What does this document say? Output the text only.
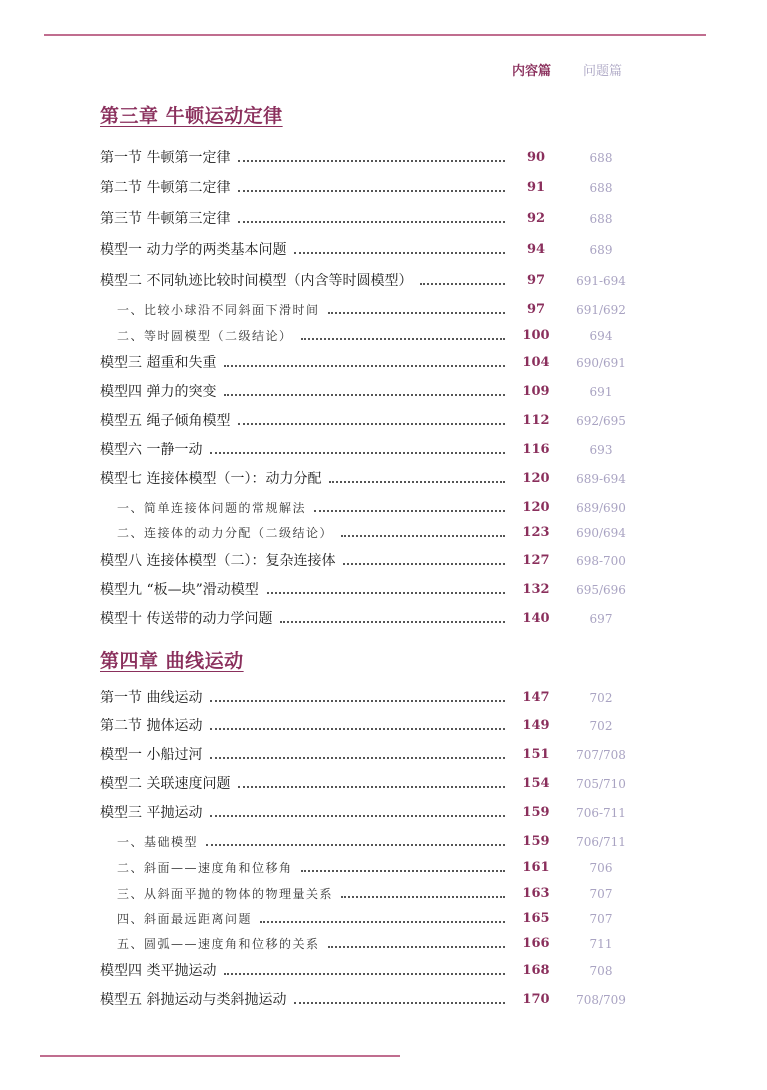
内容篇 问题篇
第三章 牛顿运动定律
第一节 牛顿第一定律	90	688
第二节 牛顿第二定律	91	688
第三节 牛顿第三定律	92	688
模型一 动力学的两类基本问题	94	689
模型二 不同轨迹比较时间模型（内含等时圆模型）	97	691-694
一、比较小球沿不同斜面下滑时间	97	691/692
二、等时圆模型（二级结论）	100	694
模型三 超重和失重	104	690/691
模型四 弹力的突变	109	691
模型五 绳子倾角模型	112	692/695
模型六 一静一动	116	693
模型七 连接体模型（一）：动力分配	120	689-694
一、简单连接体问题的常规解法	120	689/690
二、连接体的动力分配（二级结论）	123	690/694
模型八 连接体模型（二）：复杂连接体	127	698-700
模型九 “板—块”滑动模型	132	695/696
模型十 传送带的动力学问题	140	697
第四章 曲线运动
第一节 曲线运动	147	702
第二节 抛体运动	149	702
模型一 小船过河	151	707/708
模型二 关联速度问题	154	705/710
模型三 平抛运动	159	706-711
一、基础模型	159	706/711
二、斜面——速度角和位移角	161	706
三、从斜面平抛的物体的物理量关系	163	707
四、斜面最远距离问题	165	707
五、圆弧——速度角和位移的关系	166	711
模型四 类平抛运动	168	708
模型五 斜抛运动与类斜抛运动	170	708/709
